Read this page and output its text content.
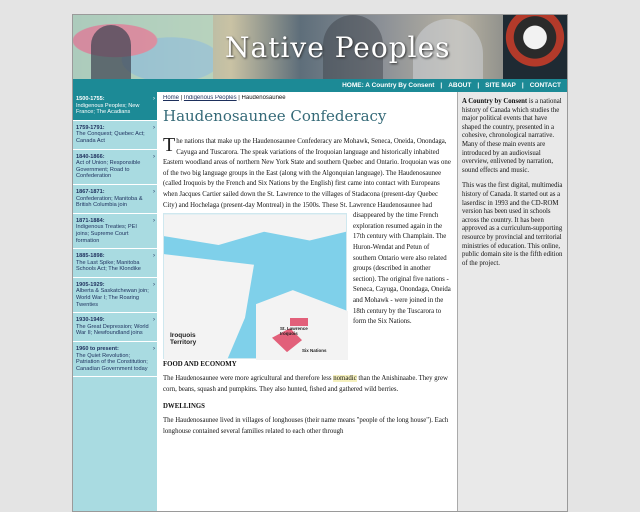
Native Peoples
HOME: A Country By Consent | ABOUT | SITE MAP | CONTACT
1500-1755:
Indigenous Peoples; New France; The Acadians
›
1759-1791:
The Conquest; Quebec Act; Canada Act
›
1840-1866:
Act of Union; Responsible Government; Road to Confederation
›
1867-1871:
Confederation; Manitoba & British Columbia join
›
1871-1884:
Indigenous Treaties; PEI joins; Supreme Court formation
›
1885-1898:
The Last Spike; Manitoba Schools Act; The Klondike
›
1905-1929:
Alberta & Saskatchewan join; World War I; The Roaring Twenties
›
1930-1949:
The Great Depression; World War II; Newfoundland joins
›
1960 to present:
The Quiet Revolution; Patriation of the Constitution; Canadian Government today
›
Home | Indigenous Peoples | Haudenosaunee
Haudenosaunee Confederacy
T he nations that make up the Haudenosaunee Confederacy are Mohawk, Seneca, Oneida, Onondaga, Cayuga and Tuscarora. The speak variations of the Iroquoian language and historically inhabited Eastern woodland areas of northern New York State and southern Quebec and Ontario. Iroquoian was one of the two big language groups in the East (along with the Algonquian language). The Haudenosaunee (called Iroquois by the French and Six Nations by the English) first came into contact with Europeans when Jacques Cartier sailed down the St. Lawrence to the villages of Stadacona (present-day Quebec City) and Hochelaga (present-day Montreal) in the 1500s. These St. Lawrence
Iroquois Territory
St. Lawrence Iroquois
Six Nations
Haudenosaunee had disappeared by the time French exploration resumed again in the 17th century with Champlain. The Huron-Wendat and Petun of southern Ontario were also related groups (described in another section). The original five nations - Seneca, Cayuga, Onondaga, Oneida and Mohawk - were joined in the 18th century by the Tuscarora to form the Six Nations.
FOOD AND ECONOMY
The Haudenosaunee were more agricultural and therefore less nomadic than the Anishinaabe. They grew corn, beans, squash and pumpkins. They also hunted, fished and gathered wild berries.
DWELLINGS
The Haudenosaunee lived in villages of longhouses (their name means "people of the long house"). Each longhouse contained several families related to each other through

A Country by Consent is a national history of Canada which studies the major political events that have shaped the country, presented in a cohesive, chronological narrative. Many of these main events are introduced by an audiovisual overview, enlivened by narration, sound effects and music.

This was the first digital, multimedia history of Canada. It started out as a laserdisc in 1993 and the CD-ROM version has been used in schools across the country. It has been approved as a curriculum-supporting resource by provincial and territorial ministries of education. This online, public domain site is the fifth edition of the project.
